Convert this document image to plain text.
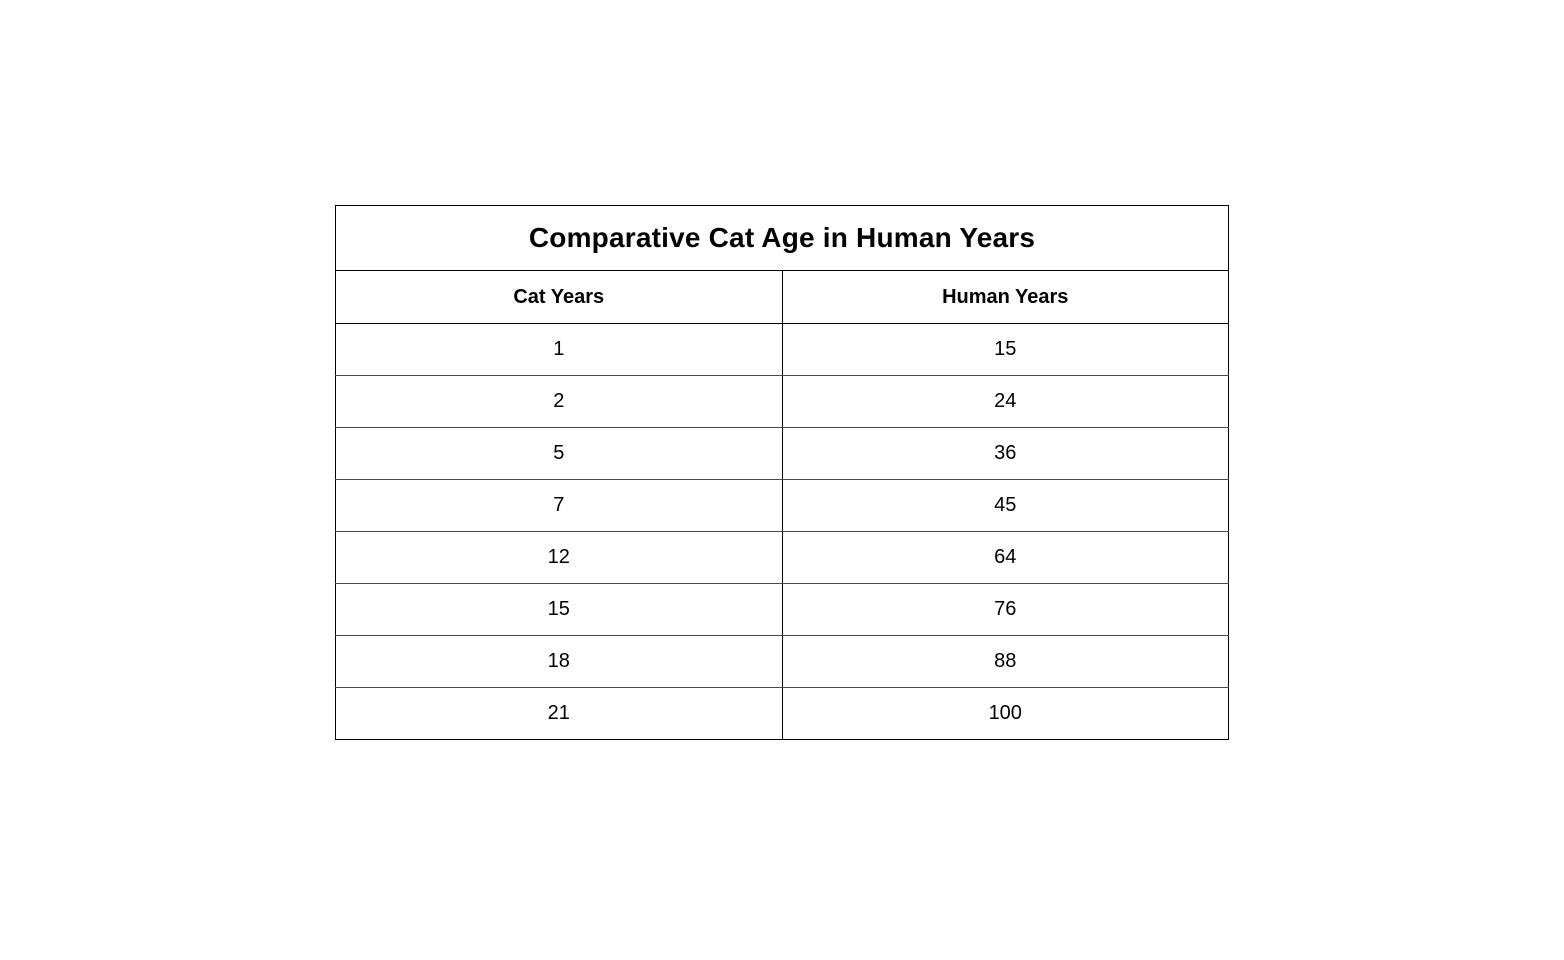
Comparative Cat Age in Human Years	
Cat Years	Human Years
1	15
2	24
5	36
7	45
12	64
15	76
18	88
21	100
